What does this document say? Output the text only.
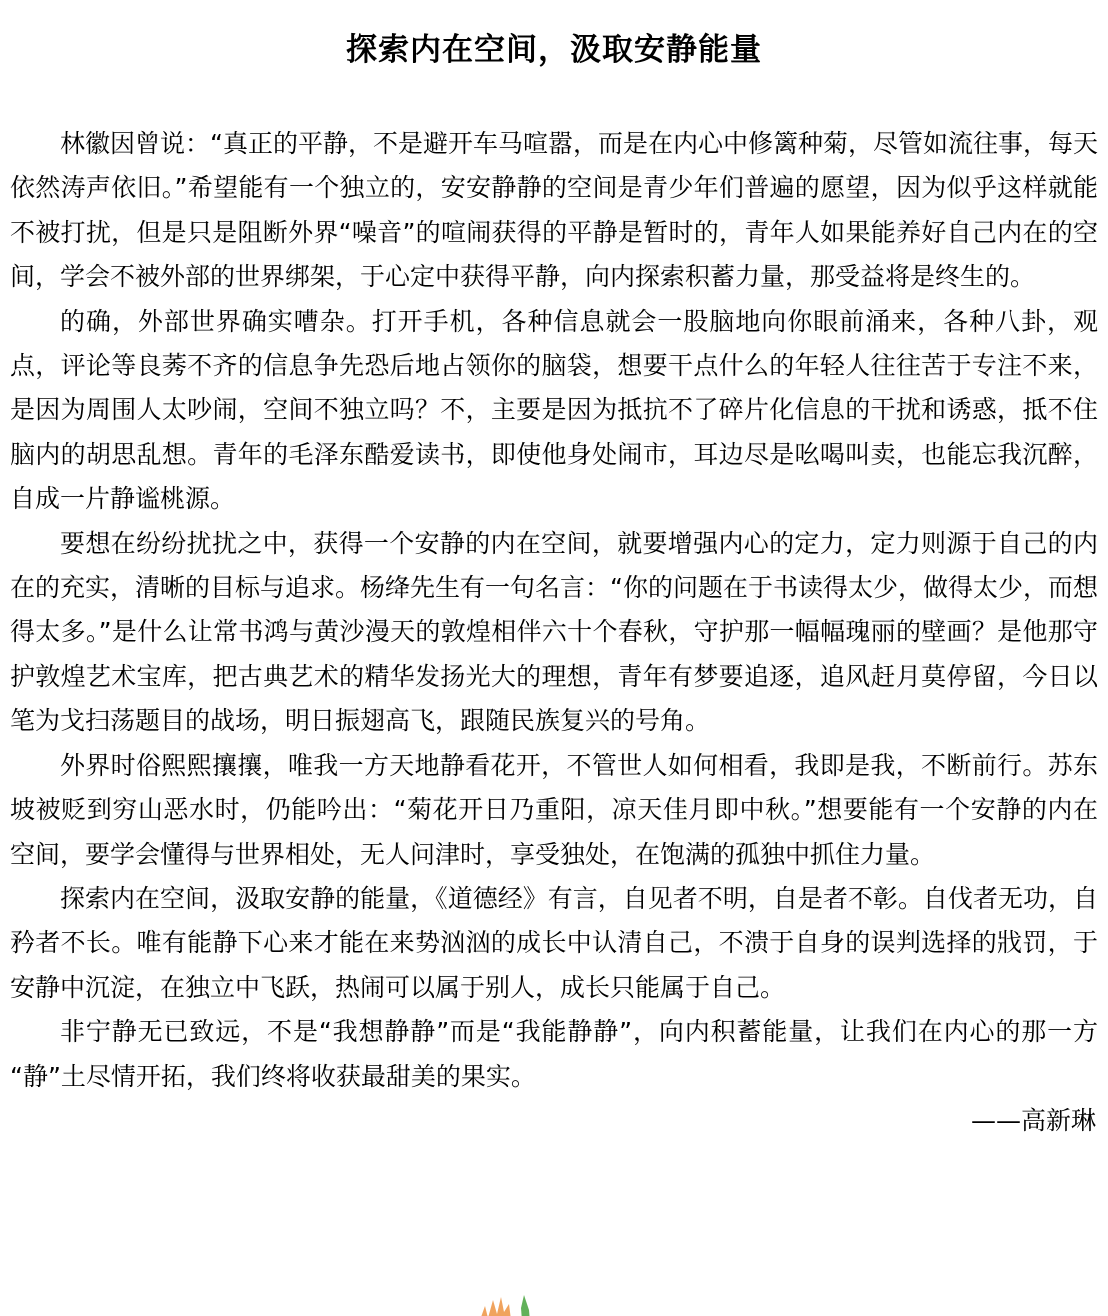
探索内在空间，汲取安静能量

林徽因曾说：“真正的平静，不是避开车马喧嚣，而是在内心中修篱种菊，尽管如流往事，每天依然涛声依旧。”希望能有一个独立的，安安静静的空间是青少年们普遍的愿望，因为似乎这样就能不被打扰，但是只是阻断外界“噪音”的喧闹获得的平静是暂时的，青年人如果能养好自己内在的空间，学会不被外部的世界绑架，于心定中获得平静，向内探索积蓄力量，那受益将是终生的。

的确，外部世界确实嘈杂。打开手机，各种信息就会一股脑地向你眼前涌来，各种八卦，观点，评论等良莠不齐的信息争先恐后地占领你的脑袋，想要干点什么的年轻人往往苦于专注不来，是因为周围人太吵闹，空间不独立吗？不，主要是因为抵抗不了碎片化信息的干扰和诱惑，抵不住脑内的胡思乱想。青年的毛泽东酷爱读书，即使他身处闹市，耳边尽是吆喝叫卖，也能忘我沉醉，自成一片静谧桃源。

要想在纷纷扰扰之中，获得一个安静的内在空间，就要增强内心的定力，定力则源于自己的内在的充实，清晰的目标与追求。杨绛先生有一句名言：“你的问题在于书读得太少，做得太少，而想得太多。”是什么让常书鸿与黄沙漫天的敦煌相伴六十个春秋，守护那一幅幅瑰丽的壁画？是他那守护敦煌艺术宝库，把古典艺术的精华发扬光大的理想，青年有梦要追逐，追风赶月莫停留，今日以笔为戈扫荡题目的战场，明日振翅高飞，跟随民族复兴的号角。

外界时俗熙熙攘攘，唯我一方天地静看花开，不管世人如何相看，我即是我，不断前行。苏东坡被贬到穷山恶水时，仍能吟出：“菊花开日乃重阳，凉天佳月即中秋。”想要能有一个安静的内在空间，要学会懂得与世界相处，无人问津时，享受独处，在饱满的孤独中抓住力量。

探索内在空间，汲取安静的能量，《道德经》有言，自见者不明，自是者不彰。自伐者无功，自矜者不长。唯有能静下心来才能在来势汹汹的成长中认清自己，不溃于自身的误判选择的戕罚，于安静中沉淀，在独立中飞跃，热闹可以属于别人，成长只能属于自己。

非宁静无已致远，不是“我想静静”而是“我能静静”，向内积蓄能量，让我们在内心的那一方“静”土尽情开拓，我们终将收获最甜美的果实。

——高新琳
